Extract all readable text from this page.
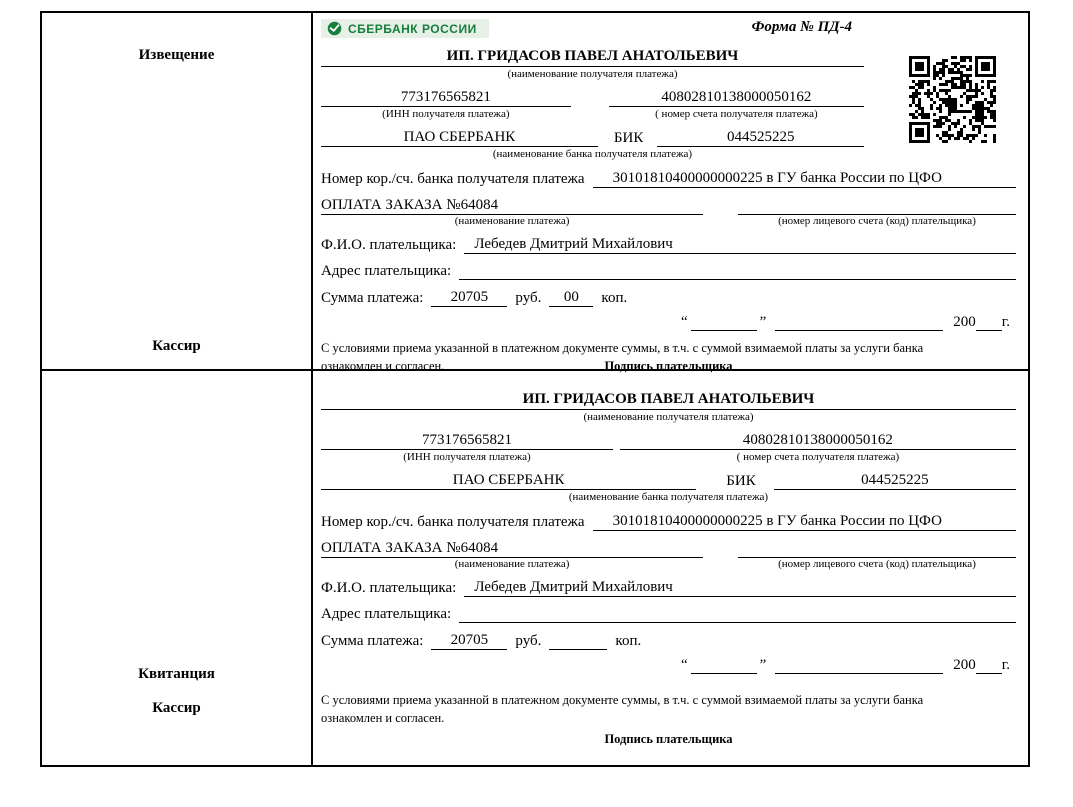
Извещение
Кассир
СБЕРБАНК РОССИИ	Форма № ПД-4
ИП. ГРИДАСОВ ПАВЕЛ АНАТОЛЬЕВИЧ
(наименование получателя платежа)
773176565821	40802810138000050162
(ИНН получателя платежа)	( номер счета получателя платежа)
ПАО СБЕРБАНК	БИК	044525225
(наименование банка получателя платежа)
Номер кор./сч. банка получателя платежа	30101810400000000225 в ГУ банка России по ЦФО
ОПЛАТА ЗАКАЗА №64084
(наименование платежа)	(номер лицевого счета (код) плательщика)
Ф.И.О. плательщика:	Лебедев Дмитрий Михайлович
Адрес плательщика:
Сумма платежа:	20705	руб.	00	коп.
“	”	200 г.
С условиями приема указанной в платежном документе суммы, в т.ч. с суммой взимаемой платы за услуги банка ознакомлен и согласен.	Подпись плательщика
Квитанция
Кассир
ИП. ГРИДАСОВ ПАВЕЛ АНАТОЛЬЕВИЧ
(наименование получателя платежа)
773176565821	40802810138000050162
(ИНН получателя платежа)	( номер счета получателя платежа)
ПАО СБЕРБАНК	БИК	044525225
(наименование банка получателя платежа)
Номер кор./сч. банка получателя платежа	30101810400000000225 в ГУ банка России по ЦФО
ОПЛАТА ЗАКАЗА №64084
(наименование платежа)	(номер лицевого счета (код) плательщика)
Ф.И.О. плательщика:	Лебедев Дмитрий Михайлович
Адрес плательщика:
Сумма платежа:	20705	руб.	коп.
“	”	200 г.
С условиями приема указанной в платежном документе суммы, в т.ч. с суммой взимаемой платы за услуги банка ознакомлен и согласен.
Подпись плательщика
